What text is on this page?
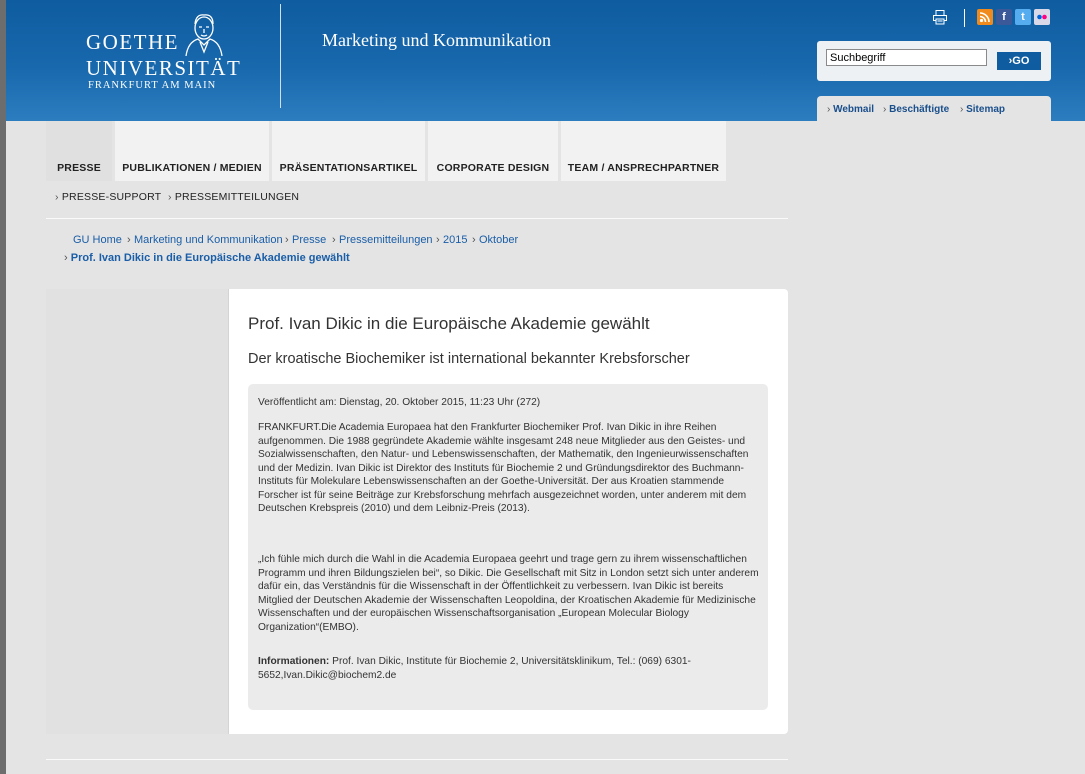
GOETHE
UNIVERSITÄT
FRANKFURT AM MAIN
Marketing und Kommunikation
f	t
Suchbegriff
›GO
› Webmail	› Beschäftigte	› Sitemap
PRESSE	PUBLIKATIONEN / MEDIEN	PRÄSENTATIONSARTIKEL	CORPORATE DESIGN	TEAM / ANSPRECHPARTNER
› PRESSE-SUPPORT	› PRESSEMITTEILUNGEN
GU Home › Marketing und Kommunikation › Presse › Pressemitteilungen › 2015 › Oktober
› Prof. Ivan Dikic in die Europäische Akademie gewählt
Prof. Ivan Dikic in die Europäische Akademie gewählt
Der kroatische Biochemiker ist international bekannter Krebsforscher

Veröffentlicht am: Dienstag, 20. Oktober 2015, 11:23 Uhr (272)

FRANKFURT.Die Academia Europaea hat den Frankfurter Biochemiker Prof. Ivan Dikic in ihre Reihen aufgenommen. Die 1988 gegründete Akademie wählte insgesamt 248 neue Mitglieder aus den Geistes- und Sozialwissenschaften, den Natur- und Lebenswissenschaften, der Mathematik, den Ingenieurwissenschaften und der Medizin. Ivan Dikic ist Direktor des Instituts für Biochemie 2 und Gründungsdirektor des Buchmann-Instituts für Molekulare Lebenswissenschaften an der Goethe-Universität. Der aus Kroatien stammende Forscher ist für seine Beiträge zur Krebsforschung mehrfach ausgezeichnet worden, unter anderem mit dem Deutschen Krebspreis (2010) und dem Leibniz-Preis (2013).

„Ich fühle mich durch die Wahl in die Academia Europaea geehrt und trage gern zu ihrem wissenschaftlichen Programm und ihren Bildungszielen bei“, so Dikic. Die Gesellschaft mit Sitz in London setzt sich unter anderem dafür ein, das Verständnis für die Wissenschaft in der Öffentlichkeit zu verbessern. Ivan Dikic ist bereits Mitglied der Deutschen Akademie der Wissenschaften Leopoldina, der Kroatischen Akademie für Medizinische Wissenschaften und der europäischen Wissenschaftsorganisation „European Molecular Biology Organization“(EMBO).

Informationen: Prof. Ivan Dikic, Institute für Biochemie 2, Universitätsklinikum, Tel.: (069) 6301-5652,Ivan.Dikic@biochem2.de
